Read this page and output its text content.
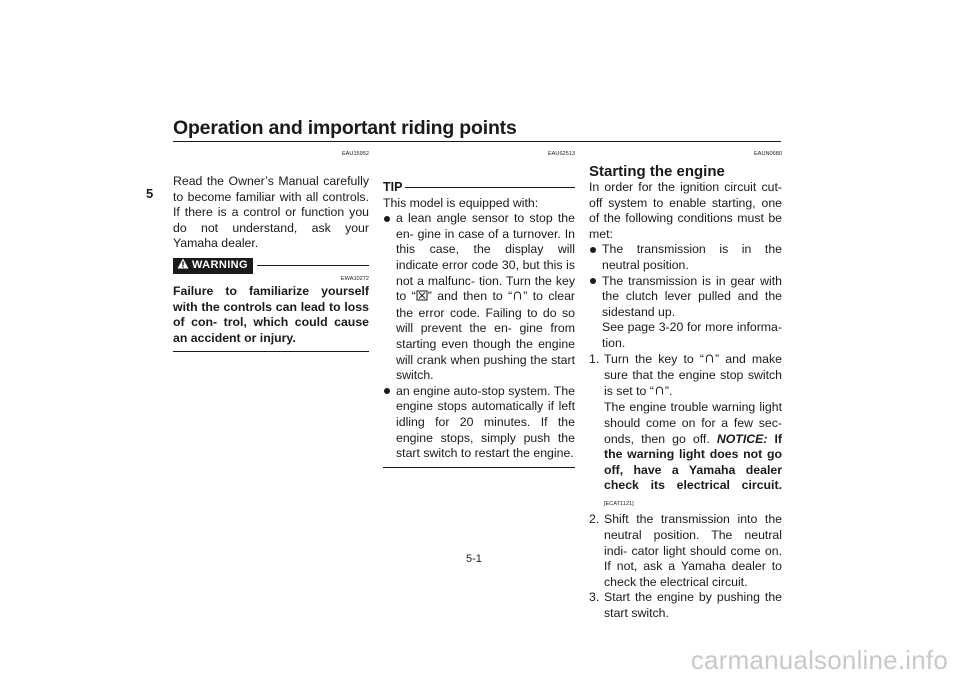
Operation and important riding points
5
EAU15952

Read the Owner’s Manual carefully to become familiar with all controls. If there is a control or function you do not understand, ask your Yamaha dealer.

WARNING
EWA10272

Failure to familiarize yourself with the controls can lead to loss of con- trol, which could cause an accident or injury.

EAU62513
TIP
This model is equipped with:
a lean angle sensor to stop the en- gine in case of a turnover. In this case, the display will indicate error code 30, but this is not a malfunc- tion. Turn the key to “ ” and then to “ ” to clear the error code. Failing to do so will prevent the en- gine from starting even though the engine will crank when pushing the start switch.
an engine auto-stop system. The engine stops automatically if left idling for 20 minutes. If the engine stops, simply push the start switch to restart the engine.
EAUN0680
Starting the engine

In order for the ignition circuit cut-off system to enable starting, one of the following conditions must be met:

The transmission is in the neutral position.
The transmission is in gear with the clutch lever pulled and the sidestand up.
See page 3-20 for more informa- tion.
1. Turn the key to “ ” and make sure that the engine stop switch is set to “ ”.
The engine trouble warning light should come on for a few sec- onds, then go off. NOTICE: If the warning light does not go off, have a Yamaha dealer check its electrical circuit. [ECAT1121]
2. Shift the transmission into the neutral position. The neutral indi- cator light should come on. If not, ask a Yamaha dealer to check the electrical circuit.
3. Start the engine by pushing the start switch.
5-1
carmanualsonline.info
